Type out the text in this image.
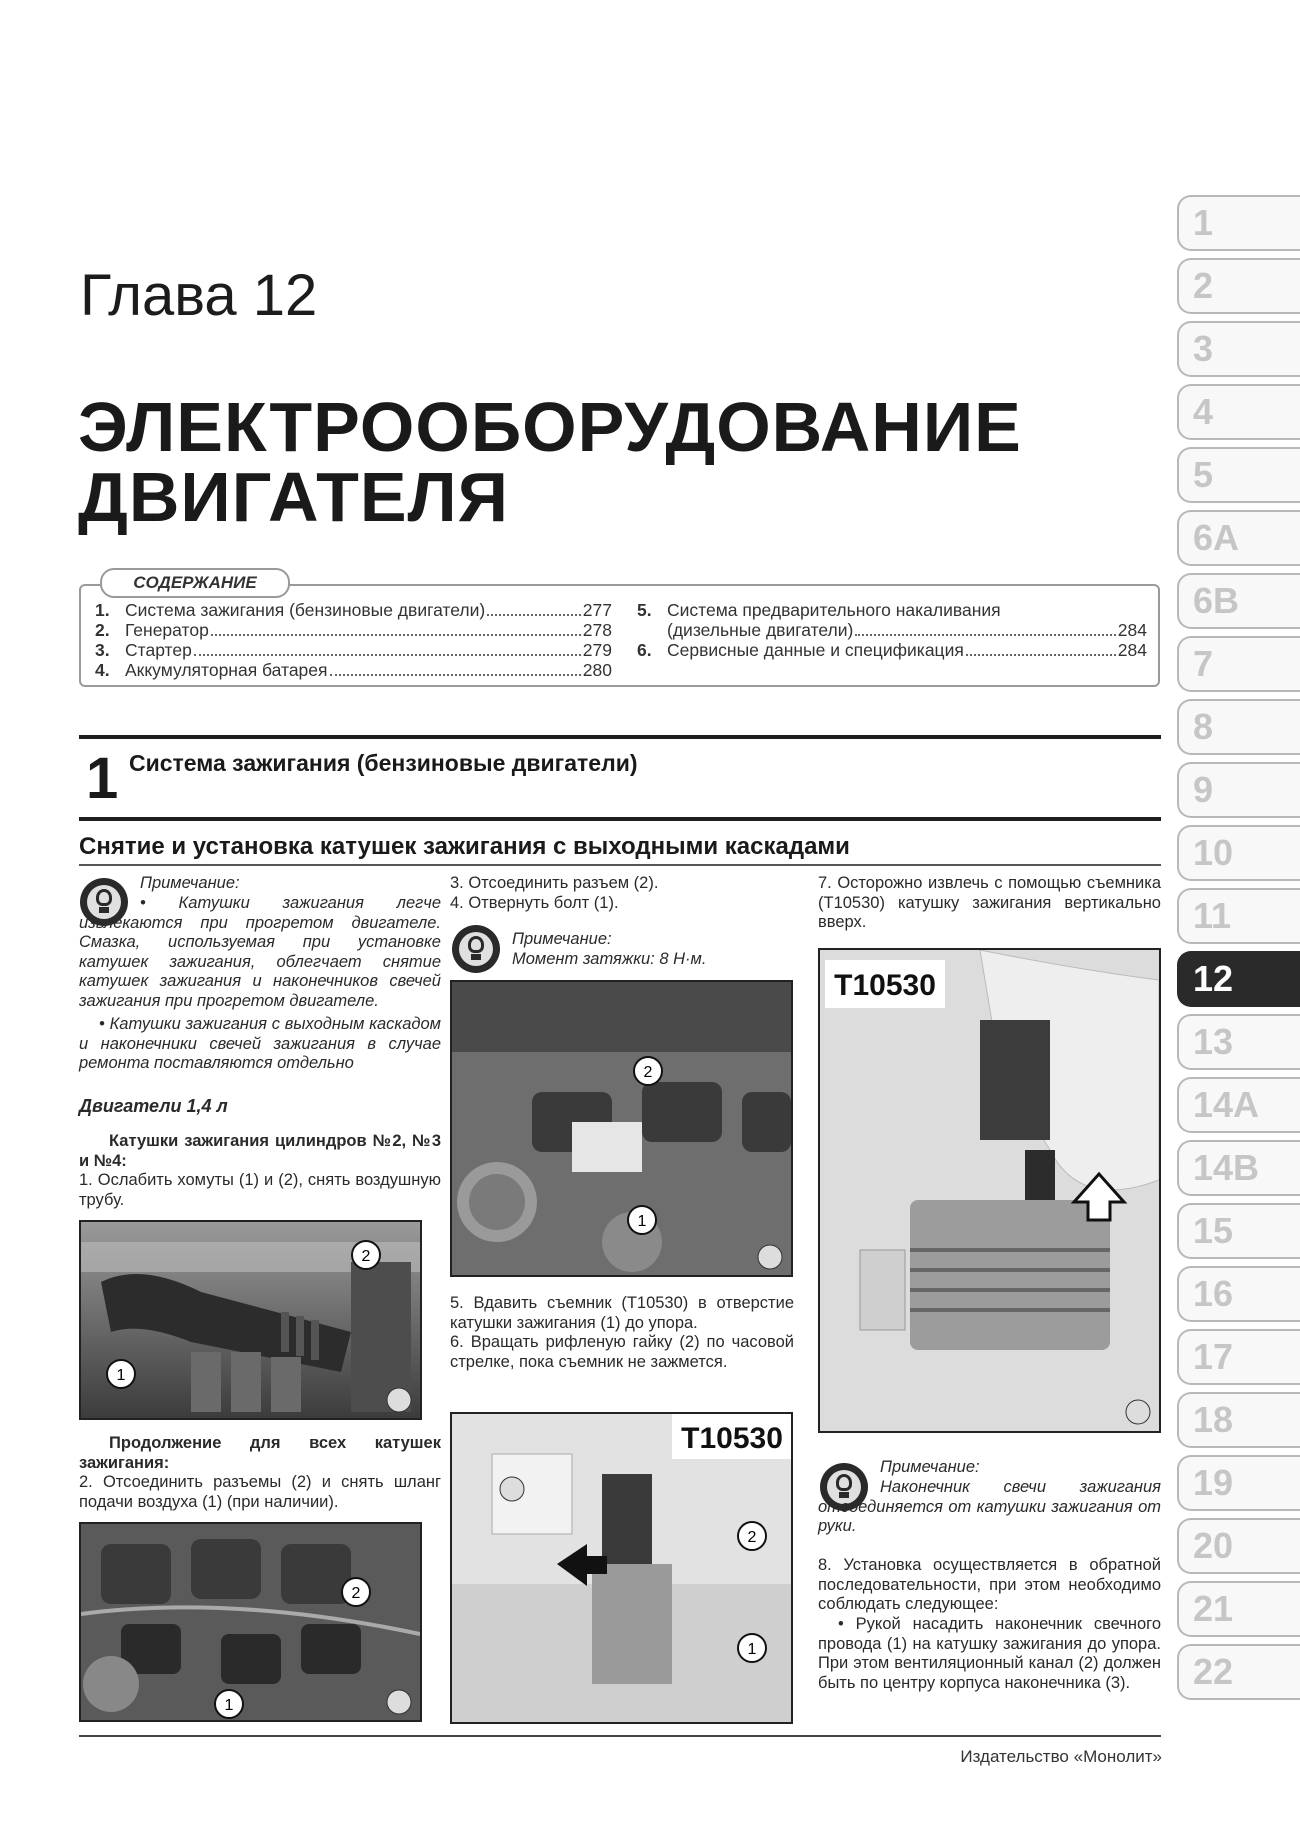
Глава 12
ЭЛЕКТРООБОРУДОВАНИЕ
ДВИГАТЕЛЯ
1. Система зажигания (бензиновые двигатели)	277
2. Генератор	278
3. Стартер	279
4. Аккумуляторная батарея	280
5. Система предварительного накаливания
(дизельные двигатели)	284
6. Сервисные данные и спецификация	284
СОДЕРЖАНИЕ
1 Система зажигания (бензиновые двигатели)
Снятие и установка катушек зажигания с выходными каскадами
Примечание:
• Катушки зажигания легче извлекаются при прогретом двигателе. Смазка, используемая при установке катушек зажигания, облегчает снятие катушек зажигания и наконечников свечей зажигания при прогретом двигателе.
• Катушки зажигания с выходным каскадом и наконечники свечей зажигания в случае ремонта поставляются отдельно
Двигатели 1,4 л
Катушки зажигания цилиндров №2, №3 и №4:
1. Ослабить хомуты (1) и (2), снять воздушную трубу.
1
2
Продолжение для всех катушек зажигания:
2. Отсоединить разъемы (2) и снять шланг подачи воздуха (1) (при наличии).
2
1
3. Отсоединить разъем (2).
4. Отвернуть болт (1).
Примечание:
Момент затяжки: 8 Н·м.
2
1
5. Вдавить съемник (T10530) в отверстие катушки зажигания (1) до упора.
6. Вращать рифленую гайку (2) по часовой стрелке, пока съемник не зажмется.
T10530
2
1
7. Осторожно извлечь с помощью съемника (T10530) катушку зажигания вертикально вверх.
T10530
Примечание:
Наконечник свечи зажигания отсоединяется от катушки зажигания от руки.
8. Установка осуществляется в обратной последовательности, при этом необходимо соблюдать следующее:
• Рукой насадить наконечник свечного провода (1) на катушку зажигания до упора. При этом вентиляционный канал (2) должен быть по центру корпуса наконечника (3).
Издательство «Монолит»
1
2
3
4
5
6A
6B
7
8
9
10
11
12
13
14A
14B
15
16
17
18
19
20
21
22
